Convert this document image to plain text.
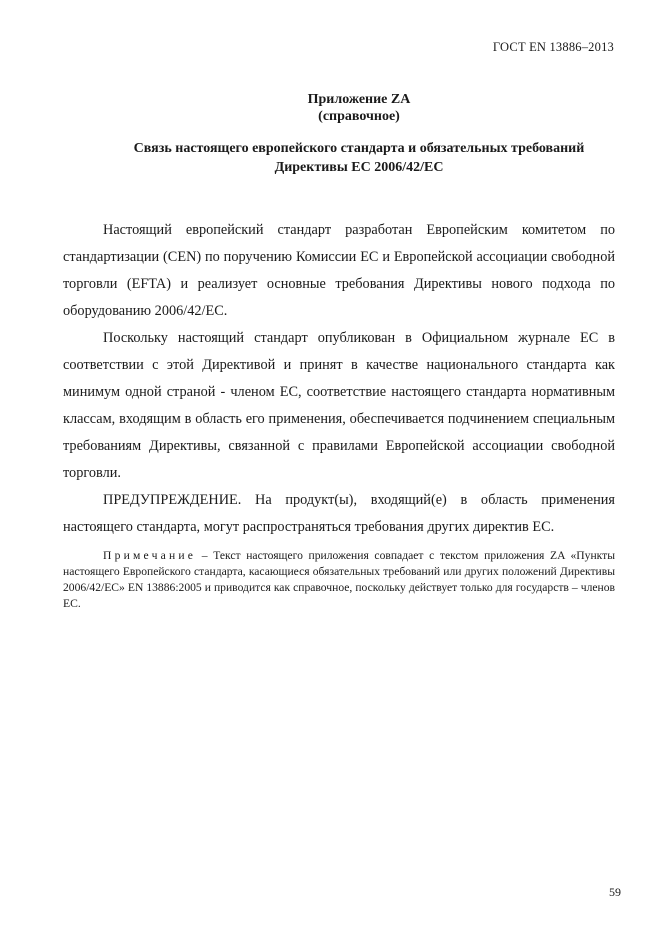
ГОСТ EN 13886–2013
Приложение ZA
(справочное)
Связь настоящего европейского стандарта и обязательных требований Директивы ЕС 2006/42/ЕС

Настоящий европейский стандарт разработан Европейским комитетом по стандартизации (CEN) по поручению Комиссии ЕС и Европейской ассоциации свободной торговли (EFTA) и реализует основные требования Директивы нового подхода по оборудованию 2006/42/ЕС.

Поскольку настоящий стандарт опубликован в Официальном журнале ЕС в соответствии с этой Директивой и принят в качестве национального стандарта как минимум одной страной - членом ЕС, соответствие настоящего стандарта нормативным классам, входящим в область его применения, обеспечивается подчинением специальным требованиям Директивы, связанной с правилами Европейской ассоциации свободной торговли.

ПРЕДУПРЕЖДЕНИЕ. На продукт(ы), входящий(е) в область применения настоящего стандарта, могут распространяться требования других директив ЕС.

Примечание – Текст настоящего приложения совпадает с текстом приложения ZA «Пункты настоящего Европейского стандарта, касающиеся обязательных требований или других положений Директивы 2006/42/ЕС» EN 13886:2005 и приводится как справочное, поскольку действует только для государств – членов ЕС.

59
